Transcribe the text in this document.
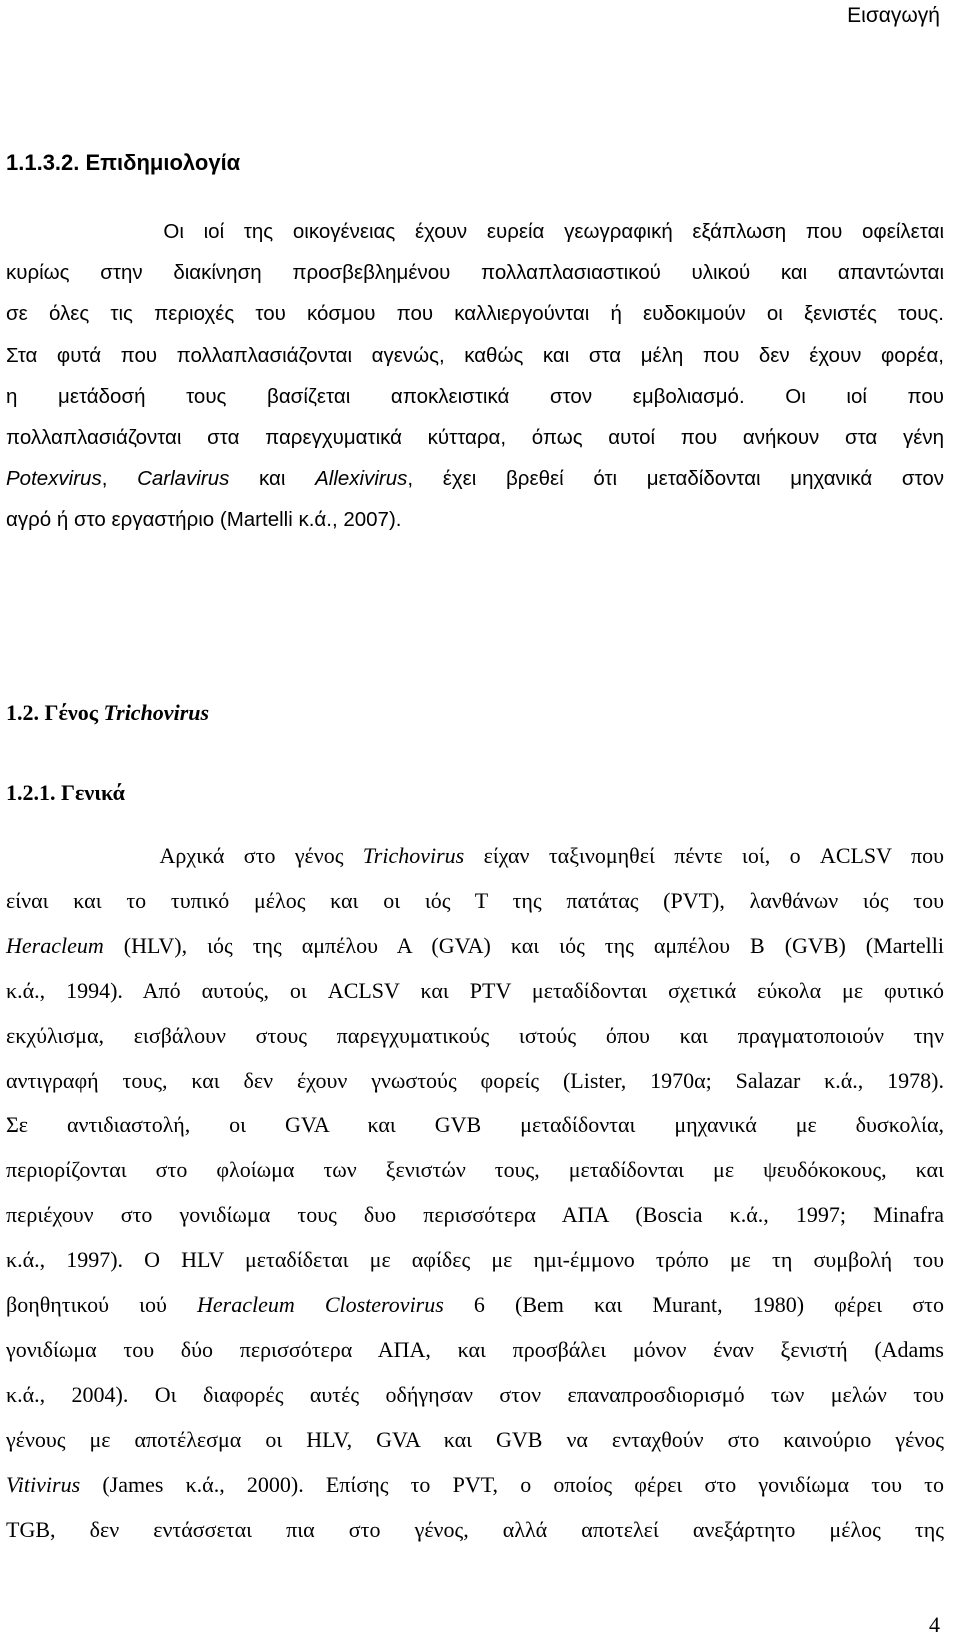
Εισαγωγή
1.1.3.2. Επιδημιολογία
Οι ιοί της οικογένειας έχουν ευρεία γεωγραφική εξάπλωση που οφείλεται
κυρίως στην διακίνηση προσβεβλημένου πολλαπλασιαστικού υλικού και απαντώνται
σε όλες τις περιοχές του κόσμου που καλλιεργούνται ή ευδοκιμούν οι ξενιστές τους.
Στα φυτά που πολλαπλασιάζονται αγενώς, καθώς και στα μέλη που δεν έχουν φορέα,
η μετάδοσή τους βασίζεται αποκλειστικά στον εμβολιασμό. Οι ιοί που
πολλαπλασιάζονται στα παρεγχυματικά κύτταρα, όπως αυτοί που ανήκουν στα γένη
Potexvirus, Carlavirus και Allexivirus, έχει βρεθεί ότι μεταδίδονται μηχανικά στον
αγρό ή στο εργαστήριο (Martelli κ.ά., 2007).
1.2. Γένος Trichovirus
1.2.1. Γενικά
Αρχικά στο γένος Trichovirus είχαν ταξινομηθεί πέντε ιοί, ο ACLSV που
είναι και το τυπικό μέλος και οι ιός Τ της πατάτας (PVT), λανθάνων ιός του
Heracleum (HLV), ιός της αμπέλου Α (GVA) και ιός της αμπέλου Β (GVB) (Martelli
κ.ά., 1994). Από αυτούς, οι ACLSV και PTV μεταδίδονται σχετικά εύκολα με φυτικό
εκχύλισμα, εισβάλουν στους παρεγχυματικούς ιστούς όπου και πραγματοποιούν την
αντιγραφή τους, και δεν έχουν γνωστούς φορείς (Lister, 1970α; Salazar κ.ά., 1978).
Σε αντιδιαστολή, οι GVA και GVB μεταδίδονται μηχανικά με δυσκολία,
περιορίζονται στο φλοίωμα των ξενιστών τους, μεταδίδονται με ψευδόκοκους, και
περιέχουν στο γονιδίωμα τους δυο περισσότερα ΑΠΑ (Boscia κ.ά., 1997; Minafra
κ.ά., 1997). Ο HLV μεταδίδεται με αφίδες με ημι-έμμονο τρόπο με τη συμβολή του
βοηθητικού ιού Heracleum Closterovirus 6 (Bem και Murant, 1980) φέρει στο
γονιδίωμα του δύο περισσότερα ΑΠΑ, και προσβάλει μόνον έναν ξενιστή (Adams
κ.ά., 2004). Οι διαφορές αυτές οδήγησαν στον επαναπροσδιορισμό των μελών του
γένους με αποτέλεσμα οι HLV, GVA και GVB να ενταχθούν στο καινούριο γένος
Vitivirus (James κ.ά., 2000). Επίσης το PVT, ο οποίος φέρει στο γονιδίωμα του το
TGB, δεν εντάσσεται πια στο γένος, αλλά αποτελεί ανεξάρτητο μέλος της
4
